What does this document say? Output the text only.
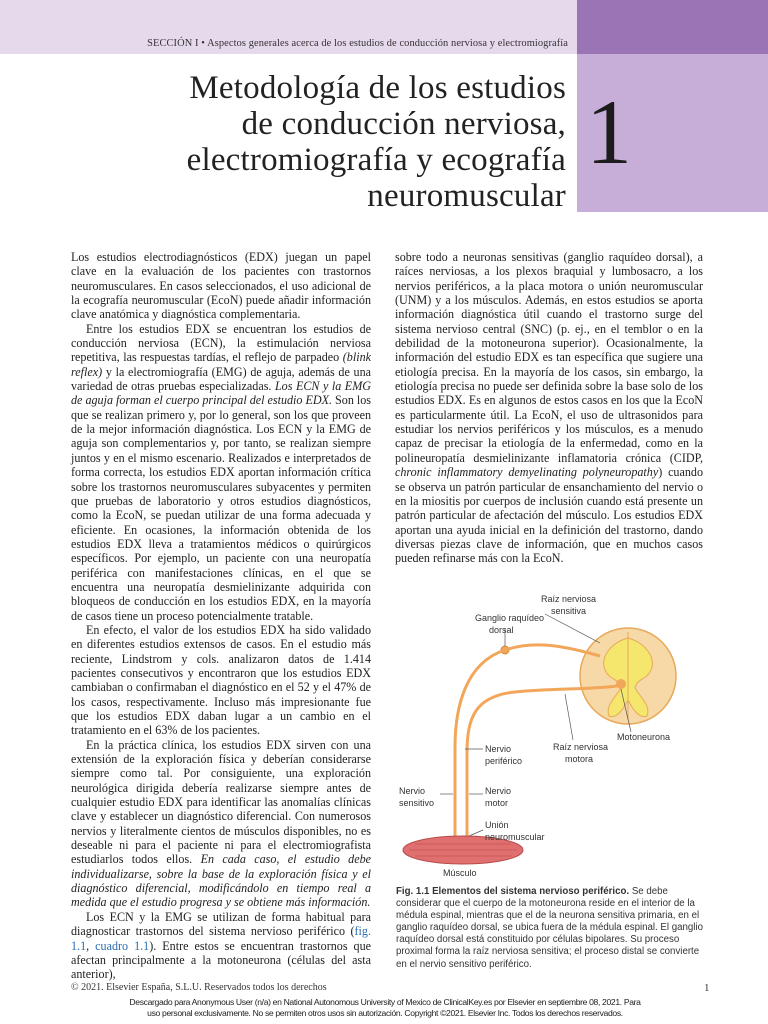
SECCIÓN I • Aspectos generales acerca de los estudios de conducción nerviosa y electromiografía
1
Metodología de los estudios
de conducción nerviosa,
electromiografía y ecografía
neuromuscular

Los estudios electrodiagnósticos (EDX) juegan un papel clave en la evaluación de los pacientes con trastornos neuromusculares. En casos seleccionados, el uso adicional de la ecografía neuromuscular (EcoN) puede añadir información clave anatómica y diagnóstica complementaria.

Entre los estudios EDX se encuentran los estudios de conducción nerviosa (ECN), la estimulación nerviosa repetitiva, las respuestas tardías, el reflejo de parpadeo (blink reflex) y la electromiografía (EMG) de aguja, además de una variedad de otras pruebas especializadas. Los ECN y la EMG de aguja forman el cuerpo principal del estudio EDX. Son los que se realizan primero y, por lo general, son los que proveen de la mejor información diagnóstica. Los ECN y la EMG de aguja son complementarios y, por tanto, se realizan siempre juntos y en el mismo escenario. Realizados e interpretados de forma correcta, los estudios EDX aportan información crítica sobre los trastornos neuromusculares subyacentes y permiten que pruebas de laboratorio y otros estudios diagnósticos, como la EcoN, se puedan utilizar de una forma adecuada y eficiente. En ocasiones, la información obtenida de los estudios EDX lleva a tratamientos médicos o quirúrgicos específicos. Por ejemplo, un paciente con una neuropatía periférica con manifestaciones clínicas, en el que se encuentra una neuropatía desmielinizante adquirida con bloqueos de conducción en los estudios EDX, en la mayoría de casos tiene un proceso potencialmente tratable.

En efecto, el valor de los estudios EDX ha sido validado en diferentes estudios extensos de casos. En el estudio más reciente, Lindstrom y cols. analizaron datos de 1.414 pacientes consecutivos y encontraron que los estudios EDX cambiaban o confirmaban el diagnóstico en el 52 y el 47% de los casos, respectivamente. Incluso más impresionante fue que los estudios EDX daban lugar a un cambio en el tratamiento en el 63% de los pacientes.

En la práctica clínica, los estudios EDX sirven con una extensión de la exploración física y deberían considerarse siempre como tal. Por consiguiente, una exploración neurológica dirigida debería realizarse siempre antes de cualquier estudio EDX para identificar las anomalías clínicas clave y establecer un diagnóstico diferencial. Con numerosos nervios y literalmente cientos de músculos disponibles, no es deseable ni para el paciente ni para el electromiografista estudiarlos todos ellos. En cada caso, el estudio debe individualizarse, sobre la base de la exploración física y el diagnóstico diferencial, modificándolo en tiempo real a medida que el estudio progresa y se obtiene más información.

Los ECN y la EMG se utilizan de forma habitual para diagnosticar trastornos del sistema nervioso periférico (fig. 1.1, cuadro 1.1). Entre estos se encuentran trastornos que afectan principalmente a la motoneurona (células del asta anterior),

sobre todo a neuronas sensitivas (ganglio raquídeo dorsal), a raíces nerviosas, a los plexos braquial y lumbosacro, a los nervios periféricos, a la placa motora o unión neuromuscular (UNM) y a los músculos. Además, en estos estudios se aporta información diagnóstica útil cuando el trastorno surge del sistema nervioso central (SNC) (p. ej., en el temblor o en la debilidad de la motoneurona superior). Ocasionalmente, la información del estudio EDX es tan específica que sugiere una etiología precisa. En la mayoría de los casos, sin embargo, la etiología precisa no puede ser definida sobre la base solo de los estudios EDX. Es en algunos de estos casos en los que la EcoN es particularmente útil. La EcoN, el uso de ultrasonidos para estudiar los nervios periféricos y los músculos, es a menudo capaz de precisar la etiología de la enfermedad, como en la polineuropatía desmielinizante inflamatoria crónica (CIDP, chronic inflammatory demyelinating polyneuropathy) cuando se observa un patrón particular de ensanchamiento del nervio o en la miositis por cuerpos de inclusión cuando está presente un patrón particular de afectación del músculo. Los estudios EDX aportan una ayuda inicial en la definición del trastorno, dando diversas piezas clave de información, que en muchos casos pueden refinarse más con la EcoN.

Ganglio raquídeo
dorsal
Raíz nerviosa
sensitiva
Motoneurona
Nervio
periférico
Raíz nerviosa
motora
Nervio
sensitivo
Nervio
motor
Unión
neuromuscular
Músculo
Fig. 1.1 Elementos del sistema nervioso periférico. Se debe considerar que el cuerpo de la motoneurona reside en el interior de la médula espinal, mientras que el de la neurona sensitiva primaria, en el ganglio raquídeo dorsal, se ubica fuera de la médula espinal. El ganglio raquídeo dorsal está constituido por células bipolares. Su proceso proximal forma la raíz nerviosa sensitiva; el proceso distal se convierte en el nervio sensitivo periférico.
© 2021. Elsevier España, S.L.U. Reservados todos los derechos	1
Descargado para Anonymous User (n/a) en National Autonomous University of Mexico de ClinicalKey.es por Elsevier en septiembre 08, 2021. Para
uso personal exclusivamente. No se permiten otros usos sin autorización. Copyright ©2021. Elsevier Inc. Todos los derechos reservados.
